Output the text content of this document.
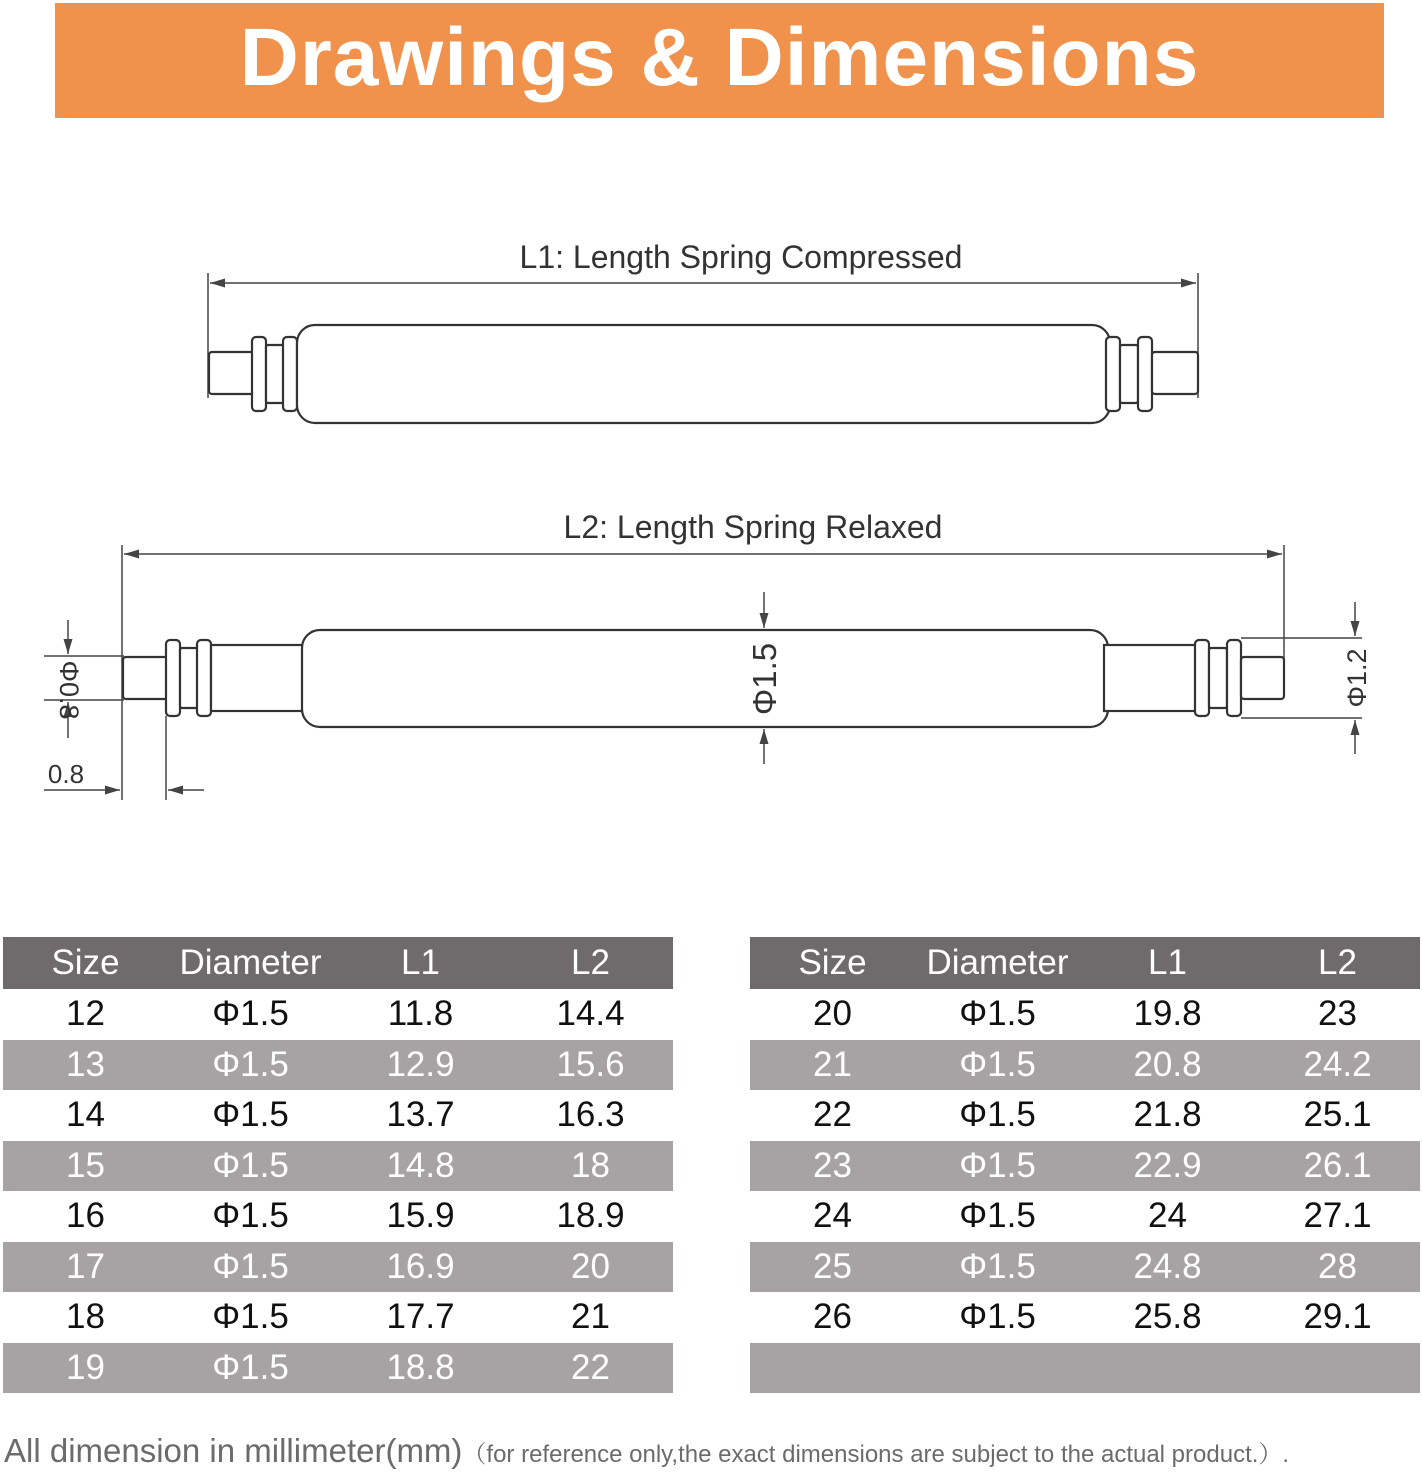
Drawings & Dimensions
L1: Length Spring Compressed
L2: Length Spring Relaxed
Φ0.8
0.8
Φ1.5	Φ1.2
Size	Diameter	L1	L2
12	Φ1.5	11.8	14.4
13	Φ1.5	12.9	15.6
14	Φ1.5	13.7	16.3
15	Φ1.5	14.8	18
16	Φ1.5	15.9	18.9
17	Φ1.5	16.9	20
18	Φ1.5	17.7	21
19	Φ1.5	18.8	22
Size	Diameter	L1	L2
20	Φ1.5	19.8	23
21	Φ1.5	20.8	24.2
22	Φ1.5	21.8	25.1
23	Φ1.5	22.9	26.1
24	Φ1.5	24	27.1
25	Φ1.5	24.8	28
26	Φ1.5	25.8	29.1
All dimension in millimeter(mm)（for reference only,the exact dimensions are subject to the actual product.）.
